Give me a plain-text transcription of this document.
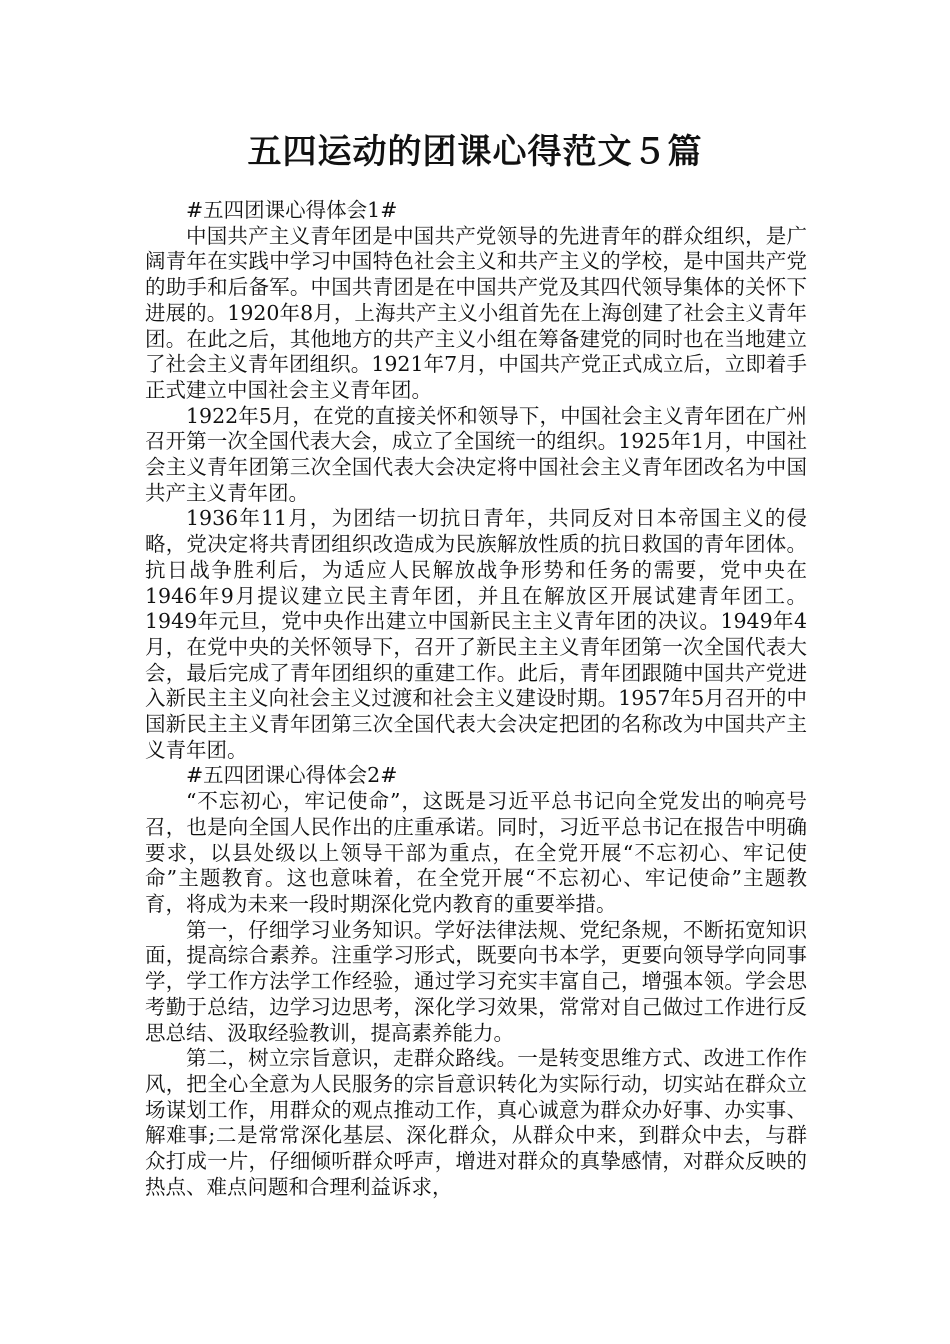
五四运动的团课心得范文５篇

#五四团课心得体会1#

中国共产主义青年团是中国共产党领导的先进青年的群众组织，是广阔青年在实践中学习中国特色社会主义和共产主义的学校，是中国共产党的助手和后备军。中国共青团是在中国共产党及其四代领导集体的关怀下进展的。1920年8月，上海共产主义小组首先在上海创建了社会主义青年团。在此之后，其他地方的共产主义小组在筹备建党的同时也在当地建立了社会主义青年团组织。1921年7月，中国共产党正式成立后，立即着手正式建立中国社会主义青年团。

1922年5月，在党的直接关怀和领导下，中国社会主义青年团在广州召开第一次全国代表大会，成立了全国统一的组织。1925年1月，中国社会主义青年团第三次全国代表大会决定将中国社会主义青年团改名为中国共产主义青年团。

1936年11月，为团结一切抗日青年，共同反对日本帝国主义的侵略，党决定将共青团组织改造成为民族解放性质的抗日救国的青年团体。抗日战争胜利后，为适应人民解放战争形势和任务的需要，党中央在1946年9月提议建立民主青年团，并且在解放区开展试建青年团工。1949年元旦，党中央作出建立中国新民主主义青年团的决议。1949年4月，在党中央的关怀领导下，召开了新民主主义青年团第一次全国代表大会，最后完成了青年团组织的重建工作。此后，青年团跟随中国共产党进入新民主主义向社会主义过渡和社会主义建设时期。1957年5月召开的中国新民主主义青年团第三次全国代表大会决定把团的名称改为中国共产主义青年团。

#五四团课心得体会2#

“不忘初心，牢记使命”，这既是习近平总书记向全党发出的响亮号召，也是向全国人民作出的庄重承诺。同时，习近平总书记在报告中明确要求，以县处级以上领导干部为重点，在全党开展“不忘初心、牢记使命”主题教育。这也意味着，在全党开展“不忘初心、牢记使命”主题教育，将成为未来一段时期深化党内教育的重要举措。

第一，仔细学习业务知识。学好法律法规、党纪条规，不断拓宽知识面，提高综合素养。注重学习形式，既要向书本学，更要向领导学向同事学，学工作方法学工作经验，通过学习充实丰富自己，增强本领。学会思考勤于总结，边学习边思考，深化学习效果，常常对自己做过工作进行反思总结、汲取经验教训，提高素养能力。

第二，树立宗旨意识，走群众路线。一是转变思维方式、改进工作作风，把全心全意为人民服务的宗旨意识转化为实际行动，切实站在群众立场谋划工作，用群众的观点推动工作，真心诚意为群众办好事、办实事、解难事;二是常常深化基层、深化群众，从群众中来，到群众中去，与群众打成一片，仔细倾听群众呼声，增进对群众的真挚感情，对群众反映的热点、难点问题和合理利益诉求，
